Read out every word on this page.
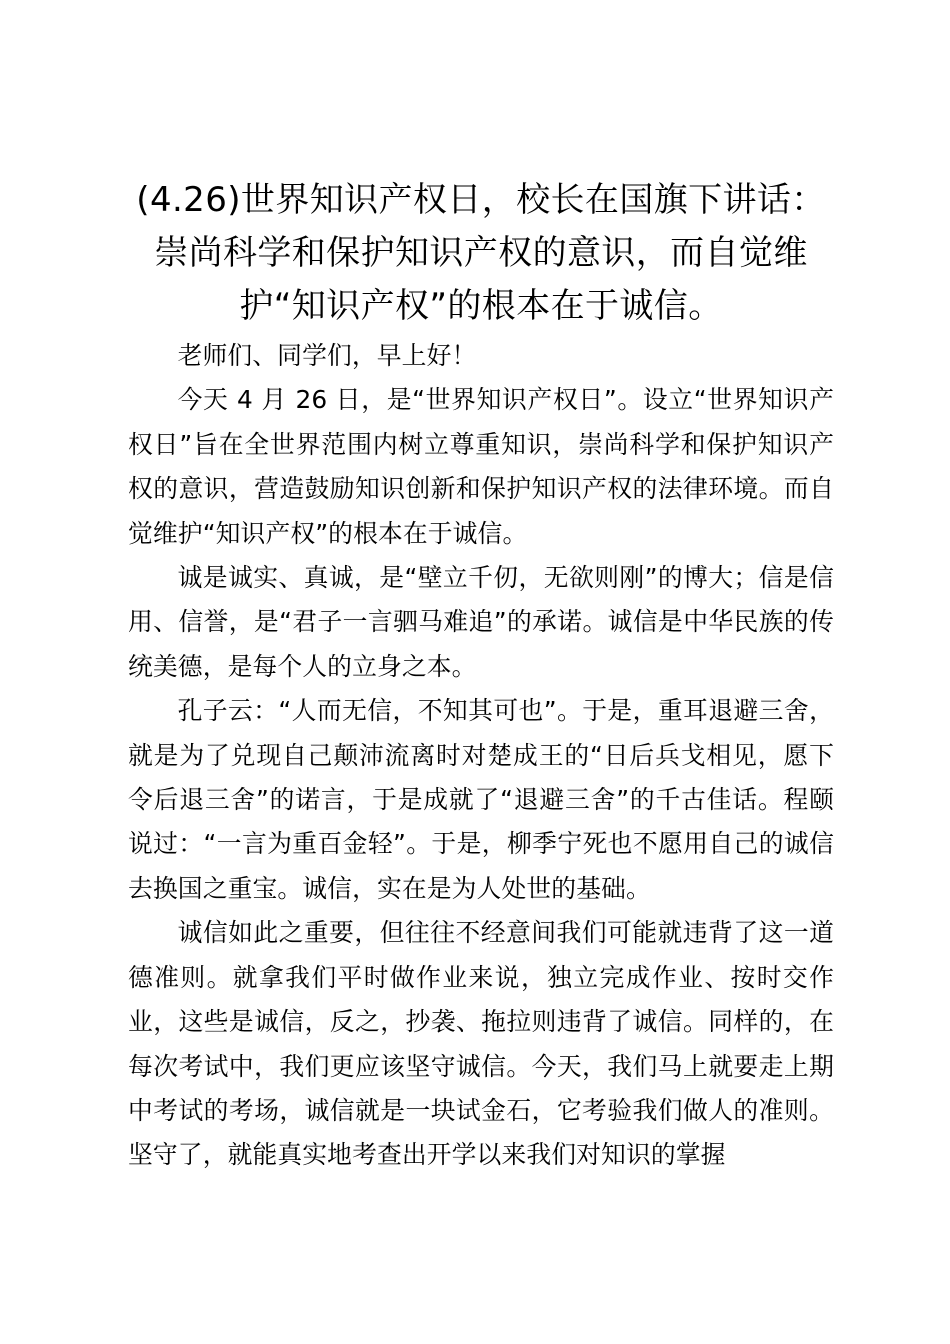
(4.26)世界知识产权日，校长在国旗下讲话：崇尚科学和保护知识产权的意识，而自觉维护“知识产权”的根本在于诚信。

老师们、同学们，早上好！

今天 4 月 26 日，是“世界知识产权日”。设立“世界知识产权日”旨在全世界范围内树立尊重知识，崇尚科学和保护知识产权的意识，营造鼓励知识创新和保护知识产权的法律环境。而自觉维护“知识产权”的根本在于诚信。

诚是诚实、真诚，是“壁立千仞，无欲则刚”的博大；信是信用、信誉，是“君子一言驷马难追”的承诺。诚信是中华民族的传统美德，是每个人的立身之本。

孔子云：“人而无信，不知其可也”。于是，重耳退避三舍，就是为了兑现自己颠沛流离时对楚成王的“日后兵戈相见，愿下令后退三舍”的诺言，于是成就了“退避三舍”的千古佳话。程颐说过：“一言为重百金轻”。于是，柳季宁死也不愿用自己的诚信去换国之重宝。诚信，实在是为人处世的基础。

诚信如此之重要，但往往不经意间我们可能就违背了这一道德准则。就拿我们平时做作业来说，独立完成作业、按时交作业，这些是诚信，反之，抄袭、拖拉则违背了诚信。同样的，在每次考试中，我们更应该坚守诚信。今天，我们马上就要走上期中考试的考场，诚信就是一块试金石，它考验我们做人的准则。坚守了，就能真实地考查出开学以来我们对知识的掌握
